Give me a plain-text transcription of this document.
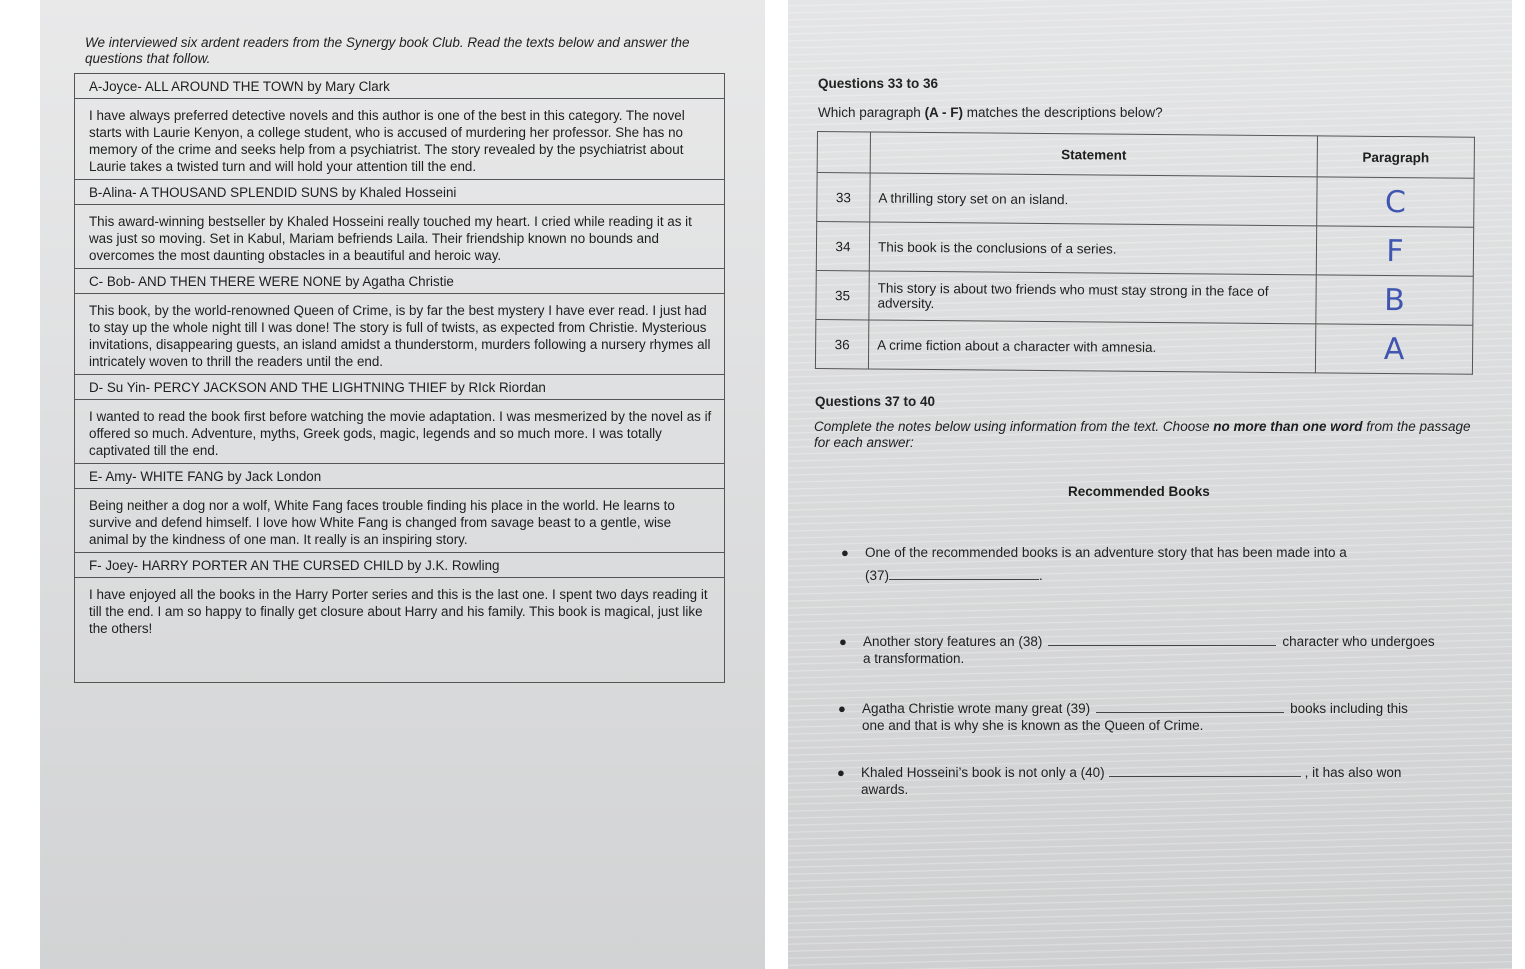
We interviewed six ardent readers from the Synergy book Club. Read the texts below and answer the questions that follow.
A-Joyce- ALL AROUND THE TOWN by Mary Clark
I have always preferred detective novels and this author is one of the best in this category. The novel starts with Laurie Kenyon, a college student, who is accused of murdering her professor. She has no memory of the crime and seeks help from a psychiatrist. The story revealed by the psychiatrist about Laurie takes a twisted turn and will hold your attention till the end.
B-Alina- A THOUSAND SPLENDID SUNS by Khaled Hosseini
This award-winning bestseller by Khaled Hosseini really touched my heart. I cried while reading it as it was just so moving. Set in Kabul, Mariam befriends Laila. Their friendship known no bounds and overcomes the most daunting obstacles in a beautiful and heroic way.
C- Bob- AND THEN THERE WERE NONE by Agatha Christie
This book, by the world-renowned Queen of Crime, is by far the best mystery I have ever read. I just had to stay up the whole night till I was done! The story is full of twists, as expected from Christie. Mysterious invitations, disappearing guests, an island amidst a thunderstorm, murders following a nursery rhymes all intricately woven to thrill the readers until the end.
D- Su Yin- PERCY JACKSON AND THE LIGHTNING THIEF by RIck Riordan
I wanted to read the book first before watching the movie adaptation. I was mesmerized by the novel as if offered so much. Adventure, myths, Greek gods, magic, legends and so much more. I was totally captivated till the end.
E- Amy- WHITE FANG by Jack London
Being neither a dog nor a wolf, White Fang faces trouble finding his place in the world. He learns to survive and defend himself. I love how White Fang is changed from savage beast to a gentle, wise animal by the kindness of one man. It really is an inspiring story.
F- Joey- HARRY PORTER AN THE CURSED CHILD by J.K. Rowling
I have enjoyed all the books in the Harry Porter series and this is the last one. I spent two days reading it till the end. I am so happy to finally get closure about Harry and his family. This book is magical, just like the others!
Questions 33 to 36
Which paragraph (A - F) matches the descriptions below?
	Statement	Paragraph
33	A thrilling story set on an island.	C
34	This book is the conclusions of a series.	F
35	This story is about two friends who must stay strong in the face of adversity.	B
36	A crime fiction about a character with amnesia.	A
Questions 37 to 40
Complete the notes below using information from the text. Choose no more than one word from the passage for each answer:
Recommended Books
● One of the recommended books is an adventure story that has been made into a
(37)	.
● Another story features an (38)	character who undergoes
a transformation.
● Agatha Christie wrote many great (39)	books including this
one and that is why she is known as the Queen of Crime.
● Khaled Hosseini’s book is not only a (40)	, it has also won
awards.
